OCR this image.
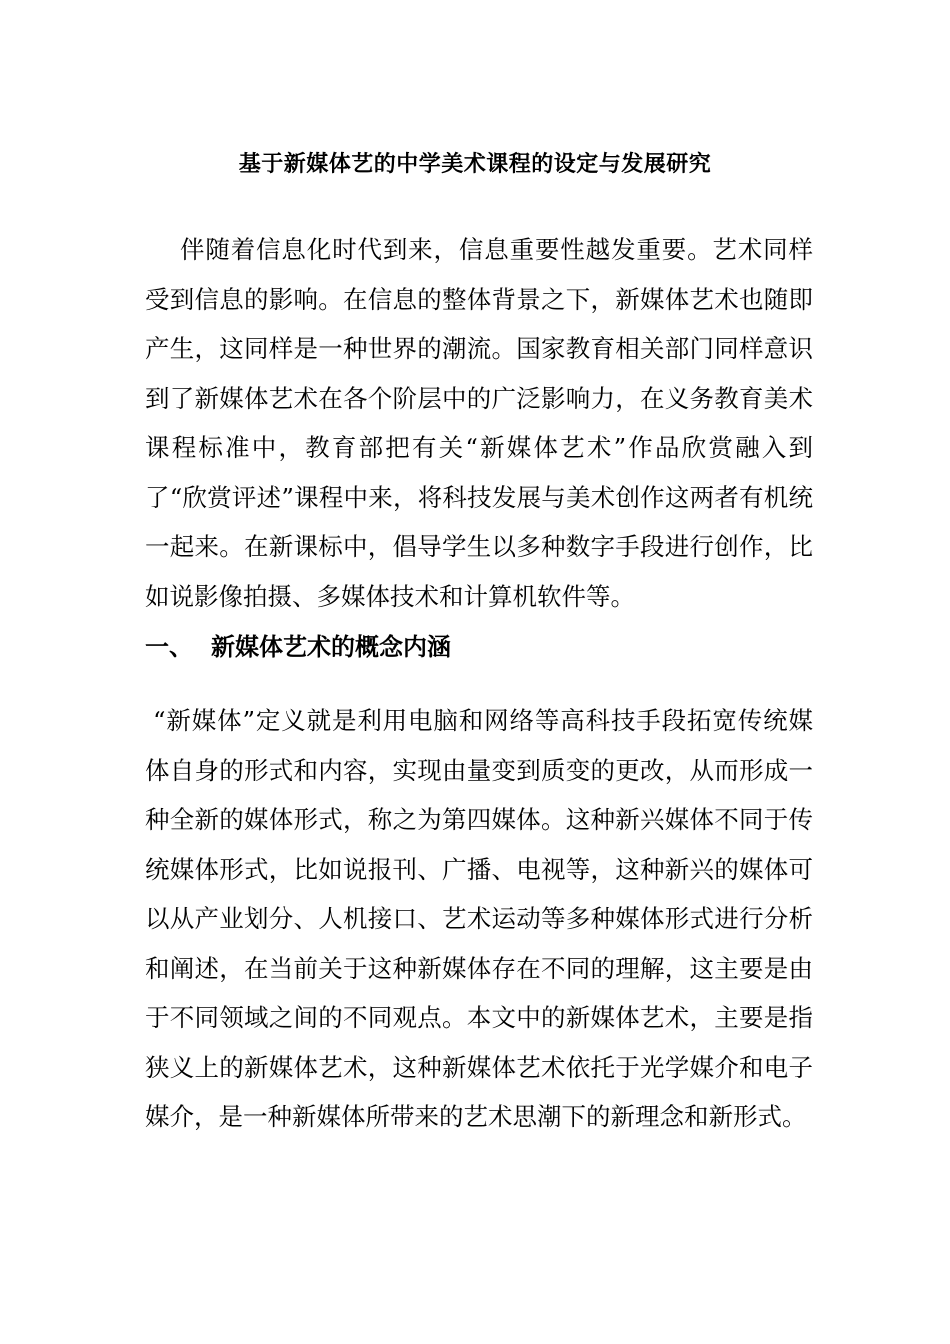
基于新媒体艺的中学美术课程的设定与发展研究

伴随着信息化时代到来，信息重要性越发重要。艺术同样受到信息的影响。在信息的整体背景之下，新媒体艺术也随即产生，这同样是一种世界的潮流。国家教育相关部门同样意识到了新媒体艺术在各个阶层中的广泛影响力，在义务教育美术课程标准中，教育部把有关“新媒体艺术”作品欣赏融入到了“欣赏评述”课程中来，将科技发展与美术创作这两者有机统一起来。在新课标中，倡导学生以多种数字手段进行创作，比如说影像拍摄、多媒体技术和计算机软件等。

一、 新媒体艺术的概念内涵

“新媒体”定义就是利用电脑和网络等高科技手段拓宽传统媒体自身的形式和内容，实现由量变到质变的更改，从而形成一种全新的媒体形式，称之为第四媒体。这种新兴媒体不同于传统媒体形式，比如说报刊、广播、电视等，这种新兴的媒体可以从产业划分、人机接口、艺术运动等多种媒体形式进行分析和阐述，在当前关于这种新媒体存在不同的理解，这主要是由于不同领域之间的不同观点。本文中的新媒体艺术，主要是指狭义上的新媒体艺术，这种新媒体艺术依托于光学媒介和电子媒介，是一种新媒体所带来的艺术思潮下的新理念和新形式。
